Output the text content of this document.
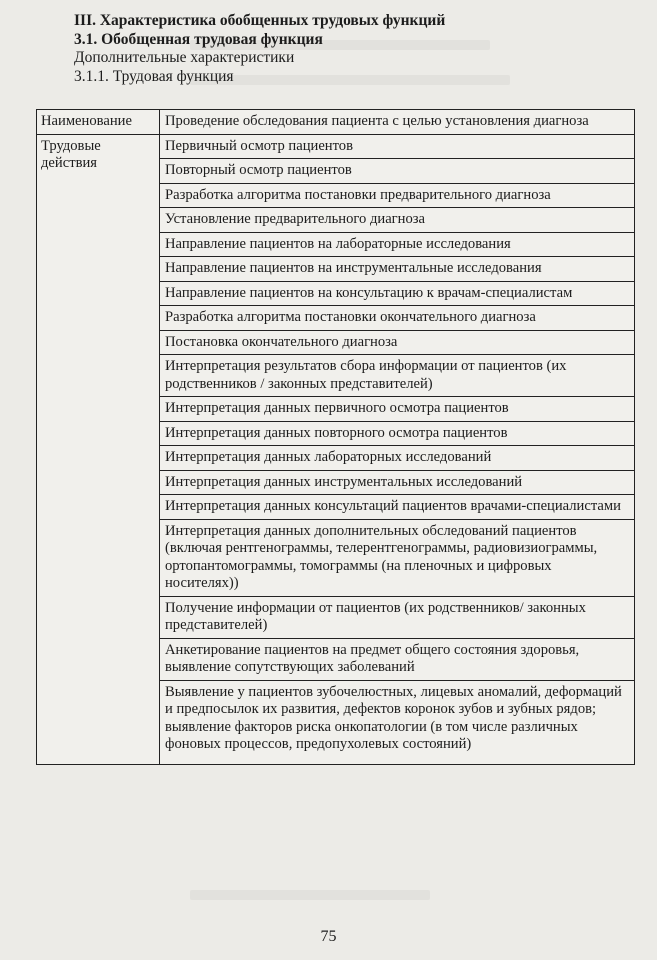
III. Характеристика обобщенных трудовых функций
3.1. Обобщенная трудовая функция
Дополнительные характеристики
3.1.1. Трудовая функция
Наименование	Проведение обследования пациента с целью установления диагноза
Трудовые действия	Первичный осмотр пациентов
	Повторный осмотр пациентов
	Разработка алгоритма постановки предварительного диагноза
	Установление предварительного диагноза
	Направление пациентов на лабораторные исследования
	Направление пациентов на инструментальные исследования
	Направление пациентов на консультацию к врачам-специалистам
	Разработка алгоритма постановки окончательного диагноза
	Постановка окончательного диагноза
	Интерпретация результатов сбора информации от пациентов (их родственников / законных представителей)
	Интерпретация данных первичного осмотра пациентов
	Интерпретация данных повторного осмотра пациентов
	Интерпретация данных лабораторных исследований
	Интерпретация данных инструментальных исследований
	Интерпретация данных консультаций пациентов врачами-специалистами
	Интерпретация данных дополнительных обследований пациентов (включая рентгенограммы, телерентгенограммы, радиовизиограммы, ортопантомограммы, томограммы (на пленочных и цифровых носителях))
	Получение информации от пациентов (их родственников/ законных представителей)
	Анкетирование пациентов на предмет общего состояния здоровья, выявление сопутствующих заболеваний
	Выявление у пациентов зубочелюстных, лицевых аномалий, деформаций и предпосылок их развития, дефектов коронок зубов и зубных рядов; выявление факторов риска онкопатологии (в том числе различных фоновых процессов, предопухолевых состояний)
75
